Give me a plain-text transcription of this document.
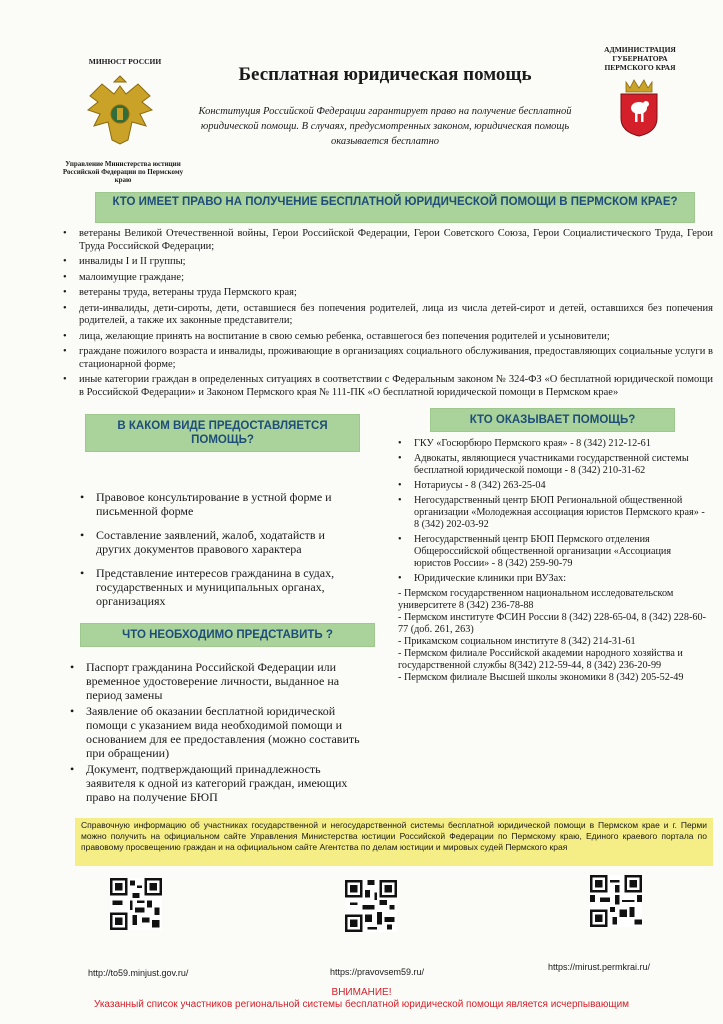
МИНЮСТ РОССИИ
Управление Министерства юстиции Российской Федерации по Пермскому краю
АДМИНИСТРАЦИЯ ГУБЕРНАТОРА ПЕРМСКОГО КРАЯ
Бесплатная юридическая помощь
Конституция Российской Федерации гарантирует право на получение бесплатной юридической помощи. В случаях, предусмотренных законом, юридическая помощь оказывается бесплатно
КТО ИМЕЕТ ПРАВО НА ПОЛУЧЕНИЕ БЕСПЛАТНОЙ ЮРИДИЧЕСКОЙ ПОМОЩИ В ПЕРМСКОМ КРАЕ?
• ветераны Великой Отечественной войны, Герои Российской Федерации, Герои Советского Союза, Герои Социалистического Труда, Герои Труда Российской Федерации;
• инвалиды I и II группы;
• малоимущие граждане;
• ветераны труда, ветераны труда Пермского края;
• дети-инвалиды, дети-сироты, дети, оставшиеся без попечения родителей, лица из числа детей-сирот и детей, оставшихся без попечения родителей, а также их законные представители;
• лица, желающие принять на воспитание в свою семью ребенка, оставшегося без попечения родителей и усыновители;
• граждане пожилого возраста и инвалиды, проживающие в организациях социального обслуживания, предоставляющих социальные услуги в стационарной форме;
• иные категории граждан в определенных ситуациях в соответствии с Федеральным законом № 324-ФЗ «О бесплатной юридической помощи в Российской Федерации» и Законом Пермского края № 111-ПК «О бесплатной юридической помощи в Пермском крае»
В КАКОМ ВИДЕ ПРЕДОСТАВЛЯЕТСЯ ПОМОЩЬ?
• Правовое консультирование в устной форме и письменной форме
• Составление заявлений, жалоб, ходатайств и других документов правового характера
• Представление интересов гражданина в судах, государственных и муниципальных органах, организациях
ЧТО НЕОБХОДИМО ПРЕДСТАВИТЬ ?
• Паспорт гражданина Российской Федерации или временное удостоверение личности, выданное на период замены
• Заявление об оказании бесплатной юридической помощи с указанием вида необходимой помощи и основанием для ее предоставления (можно составить при обращении)
• Документ, подтверждающий принадлежность заявителя к одной из категорий граждан, имеющих право на получение БЮП
КТО ОКАЗЫВАЕТ ПОМОЩЬ?
• ГКУ «Госюрбюро Пермского края» - 8 (342) 212-12-61
• Адвокаты, являющиеся участниками государственной системы бесплатной юридической помощи - 8 (342) 210-31-62
• Нотариусы - 8 (342) 263-25-04
• Негосударственный центр БЮП Региональной общественной организации «Молодежная ассоциация юристов Пермского края» - 8 (342) 202-03-92
• Негосударственный центр БЮП Пермского отделения Общероссийской общественной организации «Ассоциация юристов России» - 8 (342) 259-90-79
• Юридические клиники при ВУЗах:
- Пермском государственном национальном исследовательском университете 8 (342) 236-78-88
- Пермском институте ФСИН России 8 (342) 228-65-04, 8 (342) 228-60-77 (доб. 261, 263)
- Прикамском социальном институте 8 (342) 214-31-61
- Пермском филиале Российской академии народного хозяйства и государственной службы 8(342) 212-59-44, 8 (342) 236-20-99
- Пермском филиале Высшей школы экономики 8 (342) 205-52-49
Справочную информацию об участниках государственной и негосударственной системы бесплатной юридической помощи в Пермском крае и г. Перми можно получить на официальном сайте Управления Министерства юстиции Российской Федерации по Пермскому краю, Единого краевого портала по правовому просвещению граждан и на официальном сайте Агентства по делам юстиции и мировых судей Пермского края
http://to59.minjust.gov.ru/	https://pravovsem59.ru/	https://mirust.permkrai.ru/
ВНИМАНИЕ!
Указанный список участников региональной системы бесплатной юридической помощи является исчерпывающим
